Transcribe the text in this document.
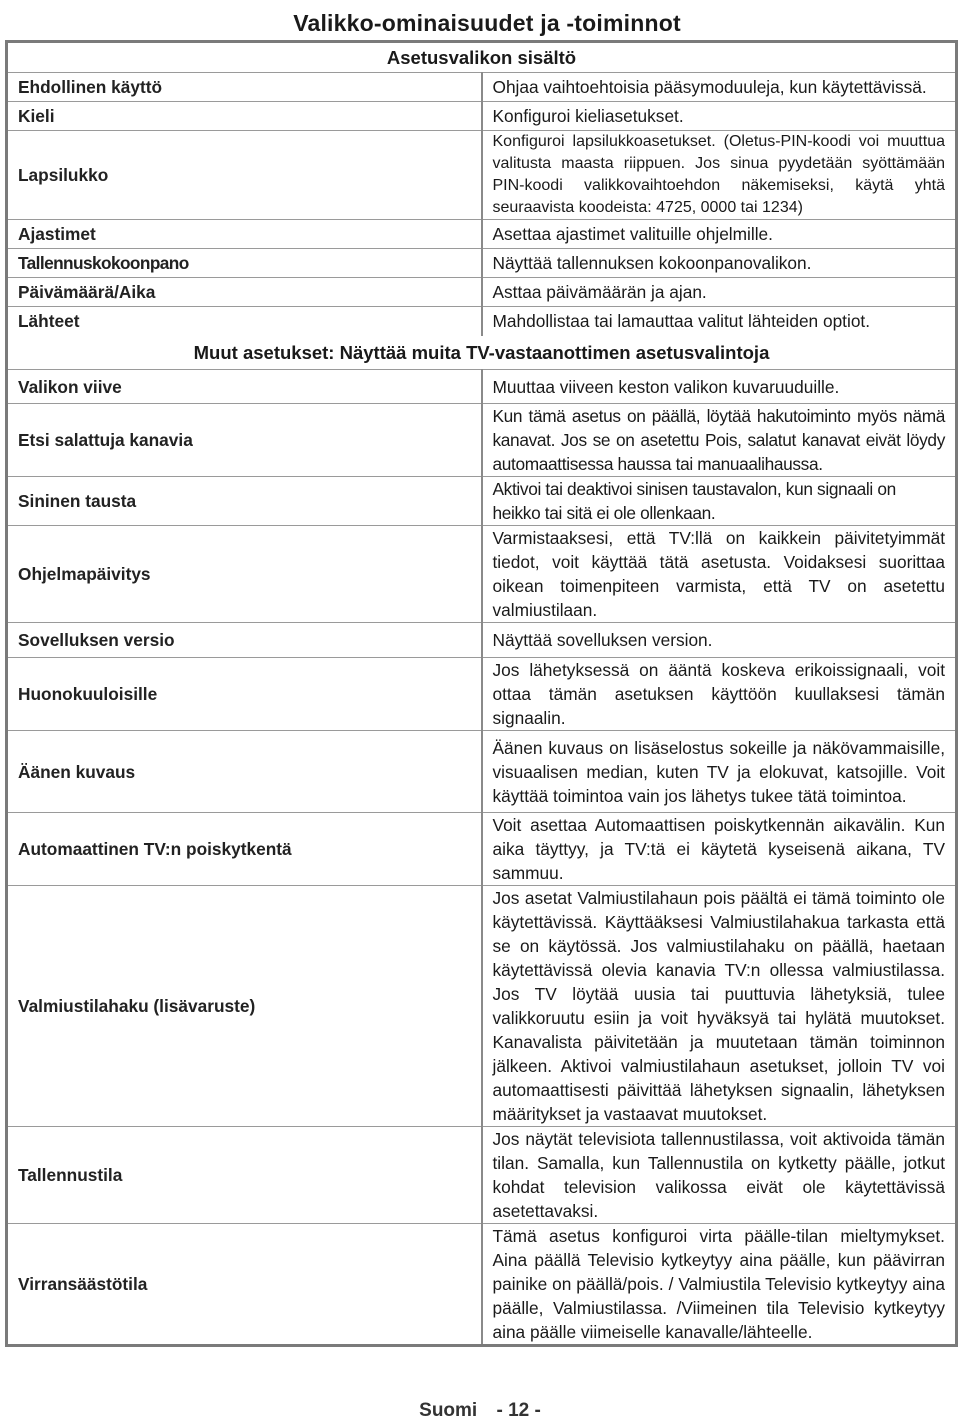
Valikko-ominaisuudet ja -toiminnot
Asetusvalikon sisältö	
Ehdollinen käyttö	Ohjaa vaihtoehtoisia pääsymoduuleja, kun käytettävissä.
Kieli	Konfiguroi kieliasetukset.
Lapsilukko	Konfiguroi lapsilukkoasetukset. (Oletus-PIN-koodi voi muuttua valitusta maasta riippuen. Jos sinua pyydetään syöttämään PIN-koodi valikkovaihtoehdon näkemiseksi, käytä yhtä seuraavista koodeista: 4725, 0000 tai 1234)
Ajastimet	Asettaa ajastimet valituille ohjelmille.
Tallennuskokoonpano	Näyttää tallennuksen kokoonpanovalikon.
Päivämäärä/Aika	Asttaa päivämäärän ja ajan.
Lähteet	Mahdollistaa tai lamauttaa valitut lähteiden optiot.
Muut asetukset: Näyttää muita TV-vastaanottimen asetusvalintoja	
Valikon viive	Muuttaa viiveen keston valikon kuvaruuduille.
Etsi salattuja kanavia	Kun tämä asetus on päällä, löytää hakutoiminto myös nämä kanavat. Jos se on asetettu Pois, salatut kanavat eivät löydy automaattisessa haussa tai manuaalihaussa.
Sininen tausta	Aktivoi tai deaktivoi sinisen taustavalon, kun signaali on heikko tai sitä ei ole ollenkaan.
Ohjelmapäivitys	Varmistaaksesi, että TV:llä on kaikkein päivitetyimmät tiedot, voit käyttää tätä asetusta. Voidaksesi suorittaa oikean toimenpiteen varmista, että TV on asetettu valmiustilaan.
Sovelluksen versio	Näyttää sovelluksen version.
Huonokuuloisille	Jos lähetyksessä on ääntä koskeva erikoissignaali, voit ottaa tämän asetuksen käyttöön kuullaksesi tämän signaalin.
Äänen kuvaus	Äänen kuvaus on lisäselostus sokeille ja näkövammaisille, visuaalisen median, kuten TV ja elokuvat, katsojille. Voit käyttää toimintoa vain jos lähetys tukee tätä toimintoa.
Automaattinen TV:n poiskytkentä	Voit asettaa Automaattisen poiskytkennän aikavälin. Kun aika täyttyy, ja TV:tä ei käytetä kyseisenä aikana, TV sammuu.
Valmiustilahaku (lisävaruste)	Jos asetat Valmiustilahaun pois päältä ei tämä toiminto ole käytettävissä. Käyttääksesi Valmiustilahakua tarkasta että se on käytössä. Jos valmiustilahaku on päällä, haetaan käytettävissä olevia kanavia TV:n ollessa valmiustilassa. Jos TV löytää uusia tai puuttuvia lähetyksiä, tulee valikkoruutu esiin ja voit hyväksyä tai hylätä muutokset. Kanavalista päivitetään ja muutetaan tämän toiminnon jälkeen. Aktivoi valmiustilahaun asetukset, jolloin TV voi automaattisesti päivittää lähetyksen signaalin, lähetyksen määritykset ja vastaavat muutokset.
Tallennustila	Jos näytät televisiota tallennustilassa, voit aktivoida tämän tilan. Samalla, kun Tallennustila on kytketty päälle, jotkut kohdat television valikossa eivät ole käytettävissä asetettavaksi.
Virransäästötila	Tämä asetus konfiguroi virta päälle-tilan mieltymykset. Aina päällä Televisio kytkeytyy aina päälle, kun päävirran painike on päällä/pois. / Valmiustila Televisio kytkeytyy aina päälle, Valmiustilassa. /Viimeinen tila Televisio kytkeytyy aina päälle viimeiselle kanavalle/lähteelle.
Suomi - 12 -
